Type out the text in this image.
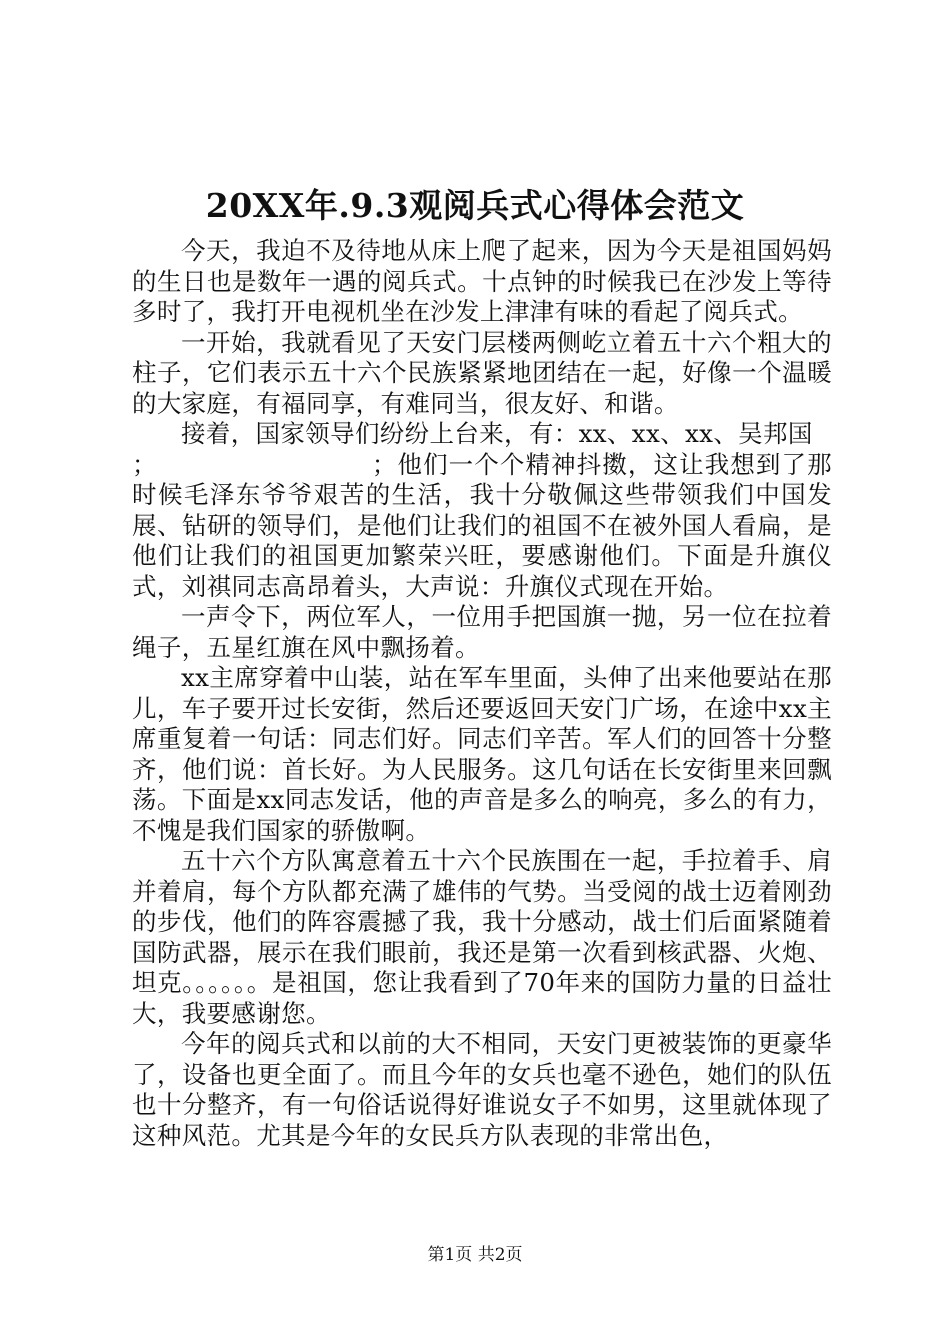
20XX年.9.3观阅兵式心得体会范文

今天，我迫不及待地从床上爬了起来，因为今天是祖国妈妈的生日也是数年一遇的阅兵式。十点钟的时候我已在沙发上等待多时了，我打开电视机坐在沙发上津津有味的看起了阅兵式。

一开始，我就看见了天安门层楼两侧屹立着五十六个粗大的柱子，它们表示五十六个民族紧紧地团结在一起，好像一个温暖的大家庭，有福同享，有难同当，很友好、和谐。

接着，国家领导们纷纷上台来，有：xx、xx、xx、吴邦国

；	；他们一个个精神抖擞，这让我想到了那时候毛泽东爷爷艰苦的生活，我十分敬佩这些带领我们中国发展、钻研的领导们，是他们让我们的祖国不在被外国人看扁，是他们让我们的祖国更加繁荣兴旺，要感谢他们。下面是升旗仪式，刘祺同志高昂着头，大声说：升旗仪式现在开始。

一声令下，两位军人，一位用手把国旗一抛，另一位在拉着绳子，五星红旗在风中飘扬着。

xx主席穿着中山装，站在军车里面，头伸了出来他要站在那儿，车子要开过长安街，然后还要返回天安门广场，在途中xx主席重复着一句话：同志们好。同志们辛苦。军人们的回答十分整齐，他们说：首长好。为人民服务。这几句话在长安街里来回飘荡。下面是xx同志发话，他的声音是多么的响亮，多么的有力，不愧是我们国家的骄傲啊。

五十六个方队寓意着五十六个民族围在一起，手拉着手、肩并着肩，每个方队都充满了雄伟的气势。当受阅的战士迈着刚劲的步伐，他们的阵容震撼了我，我十分感动，战士们后面紧随着国防武器，展示在我们眼前，我还是第一次看到核武器、火炮、坦克。。。。。。是祖国，您让我看到了70年来的国防力量的日益壮大，我要感谢您。

今年的阅兵式和以前的大不相同，天安门更被装饰的更豪华了，设备也更全面了。而且今年的女兵也毫不逊色，她们的队伍也十分整齐，有一句俗话说得好谁说女子不如男，这里就体现了这种风范。尤其是今年的女民兵方队表现的非常出色，

第1页 共2页
